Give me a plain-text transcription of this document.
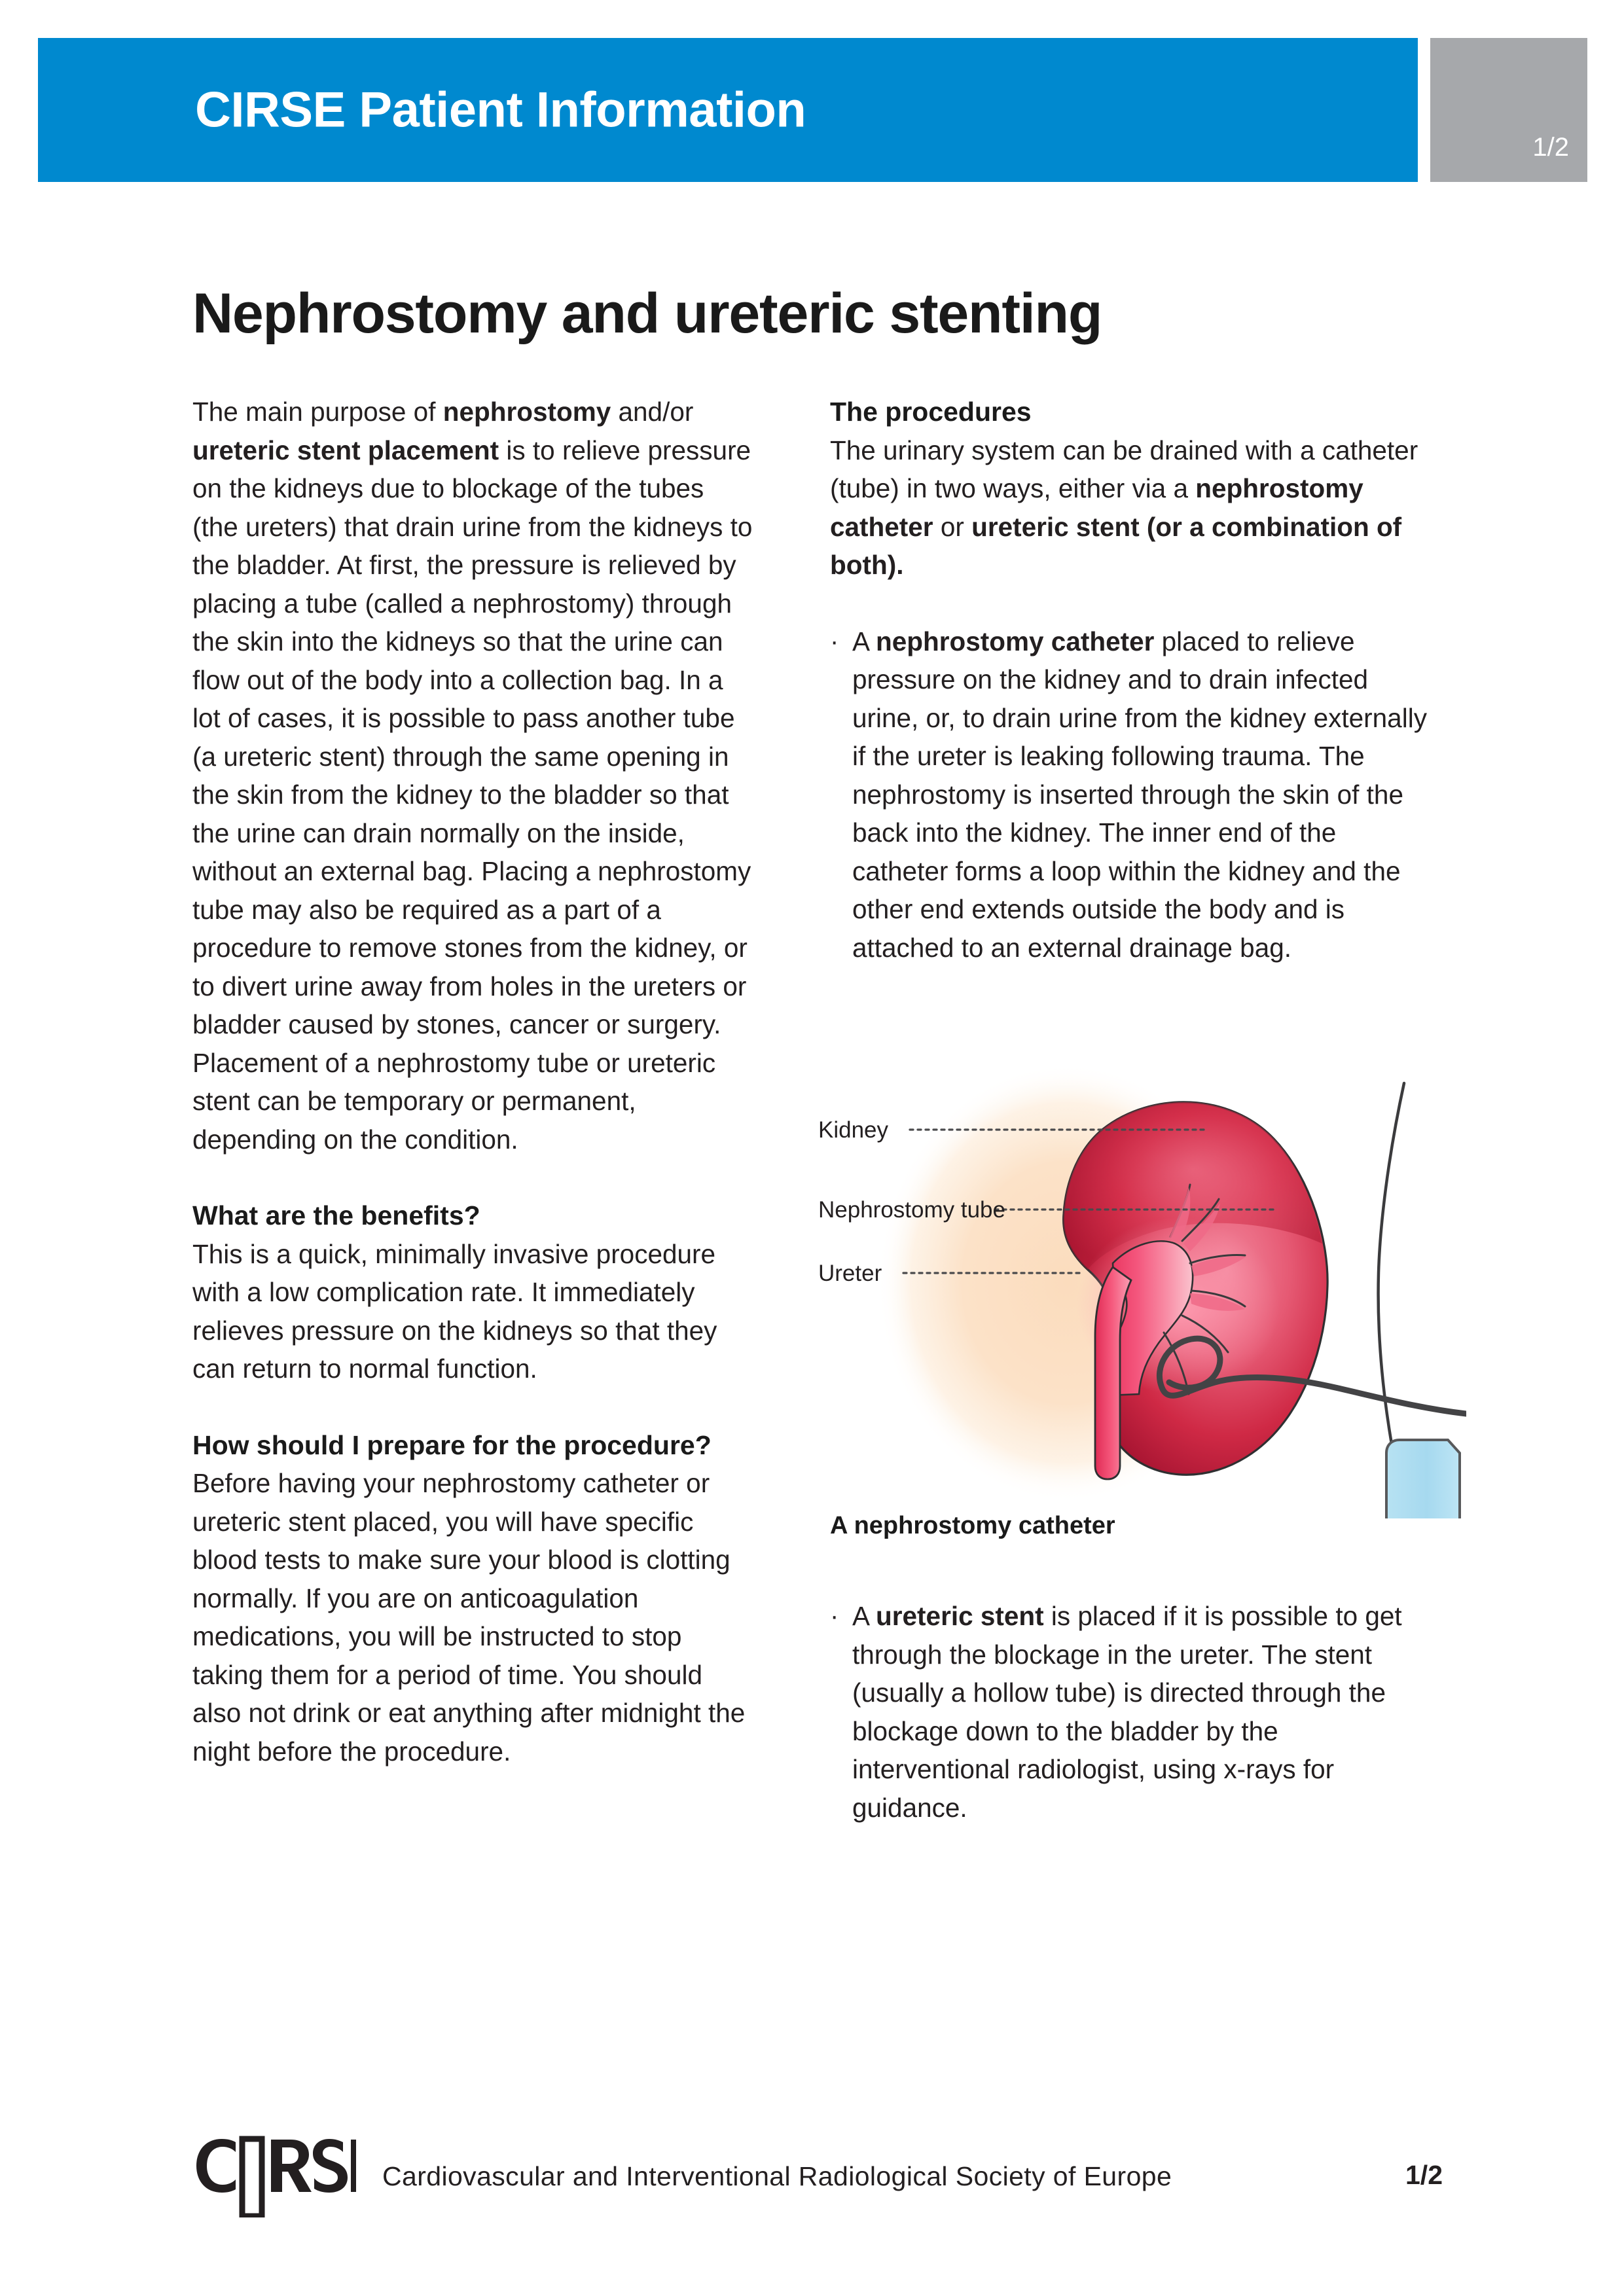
CIRSE Patient Information
1/2
Nephrostomy and ureteric stenting

The main purpose of nephrostomy and/or ureteric stent placement is to relieve pressure on the kidneys due to blockage of the tubes (the ureters) that drain urine from the kidneys to the bladder. At first, the pressure is relieved by placing a tube (called a nephrostomy) through the skin into the kidneys so that the urine can flow out of the body into a collection bag. In a lot of cases, it is possible to pass another tube (a ureteric stent) through the same opening in the skin from the kidney to the bladder so that the urine can drain normally on the inside, without an external bag. Placing a nephrostomy tube may also be required as a part of a procedure to remove stones from the kidney, or to divert urine away from holes in the ureters or bladder caused by stones, cancer or surgery. Placement of a nephrostomy tube or ureteric stent can be temporary or permanent, depending on the condition.

What are the benefits?

This is a quick, minimally invasive procedure with a low complication rate. It immediately relieves pressure on the kidneys so that they can return to normal function.

How should I prepare for the procedure?

Before having your nephrostomy catheter or ureteric stent placed, you will have specific blood tests to make sure your blood is clotting normally. If you are on anticoagulation medications, you will be instructed to stop taking them for a period of time. You should also not drink or eat anything after midnight the night before the procedure.

The procedures

The urinary system can be drained with a catheter (tube) in two ways, either via a nephrostomy catheter or ureteric stent (or a combination of both).

· A nephrostomy catheter placed to relieve pressure on the kidney and to drain infected urine, or, to drain urine from the kidney externally if the ureter is leaking following trauma. The nephrostomy is inserted through the skin of the back into the kidney. The inner end of the catheter forms a loop within the kidney and the other end extends outside the body and is attached to an external drainage bag.
Kidney
Nephrostomy tube
Ureter
A nephrostomy catheter
· A ureteric stent is placed if it is possible to get through the blockage in the ureter. The stent (usually a hollow tube) is directed through the blockage down to the bladder by the interventional radiologist, using x-rays for guidance.
Cardiovascular and Interventional Radiological Society of Europe	1/2
